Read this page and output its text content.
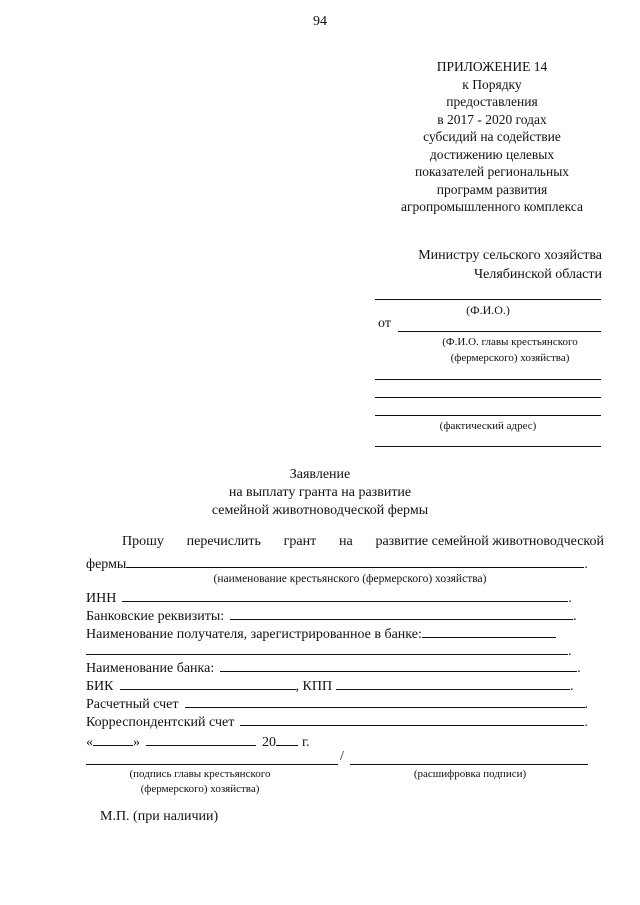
94
ПРИЛОЖЕНИЕ 14
к Порядку
предоставления
в 2017 - 2020 годах
субсидий на содействие
достижению целевых
показателей региональных
программ развития
агропромышленного комплекса
Министру сельского хозяйства
Челябинской области
(Ф.И.О.)
от
(Ф.И.О. главы крестьянского
(фермерского) хозяйства)
(фактический адрес)
Заявление
на выплату гранта на развитие
семейной животноводческой фермы
Прошу перечислить грант на развитие семейной животноводческой
фермы	.
(наименование крестьянского (фермерского) хозяйства)
ИНН	.
Банковские реквизиты:	.
Наименование получателя, зарегистрированное в банке:
.
Наименование банка:	.
БИК	, КПП	.
Расчетный счет	.
Корреспондентский счет	.
«	»	20 г.
/
(подпись главы крестьянского
(фермерского) хозяйства)
(расшифровка подписи)
М.П. (при наличии)
